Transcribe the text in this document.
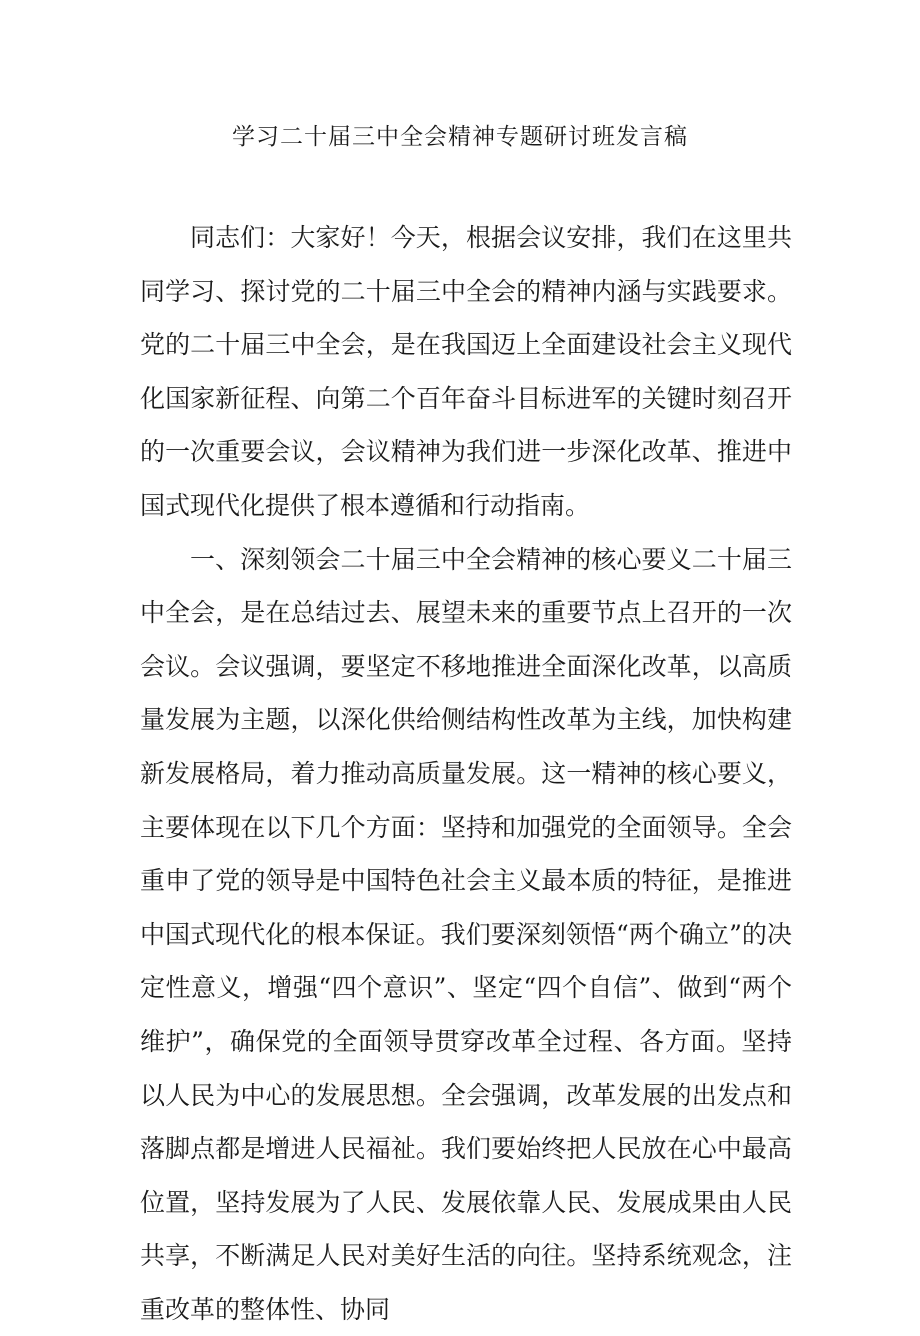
学习二十届三中全会精神专题研讨班发言稿

同志们：大家好！今天，根据会议安排，我们在这里共同学习、探讨党的二十届三中全会的精神内涵与实践要求。党的二十届三中全会，是在我国迈上全面建设社会主义现代化国家新征程、向第二个百年奋斗目标进军的关键时刻召开的一次重要会议，会议精神为我们进一步深化改革、推进中国式现代化提供了根本遵循和行动指南。

一、深刻领会二十届三中全会精神的核心要义二十届三中全会，是在总结过去、展望未来的重要节点上召开的一次会议。会议强调，要坚定不移地推进全面深化改革，以高质量发展为主题，以深化供给侧结构性改革为主线，加快构建新发展格局，着力推动高质量发展。这一精神的核心要义，主要体现在以下几个方面：坚持和加强党的全面领导。全会重申了党的领导是中国特色社会主义最本质的特征，是推进中国式现代化的根本保证。我们要深刻领悟“两个确立”的决定性意义，增强“四个意识”、坚定“四个自信”、做到“两个维护”，确保党的全面领导贯穿改革全过程、各方面。坚持以人民为中心的发展思想。全会强调，改革发展的出发点和落脚点都是增进人民福祉。我们要始终把人民放在心中最高位置，坚持发展为了人民、发展依靠人民、发展成果由人民共享，不断满足人民对美好生活的向往。坚持系统观念，注重改革的整体性、协同
